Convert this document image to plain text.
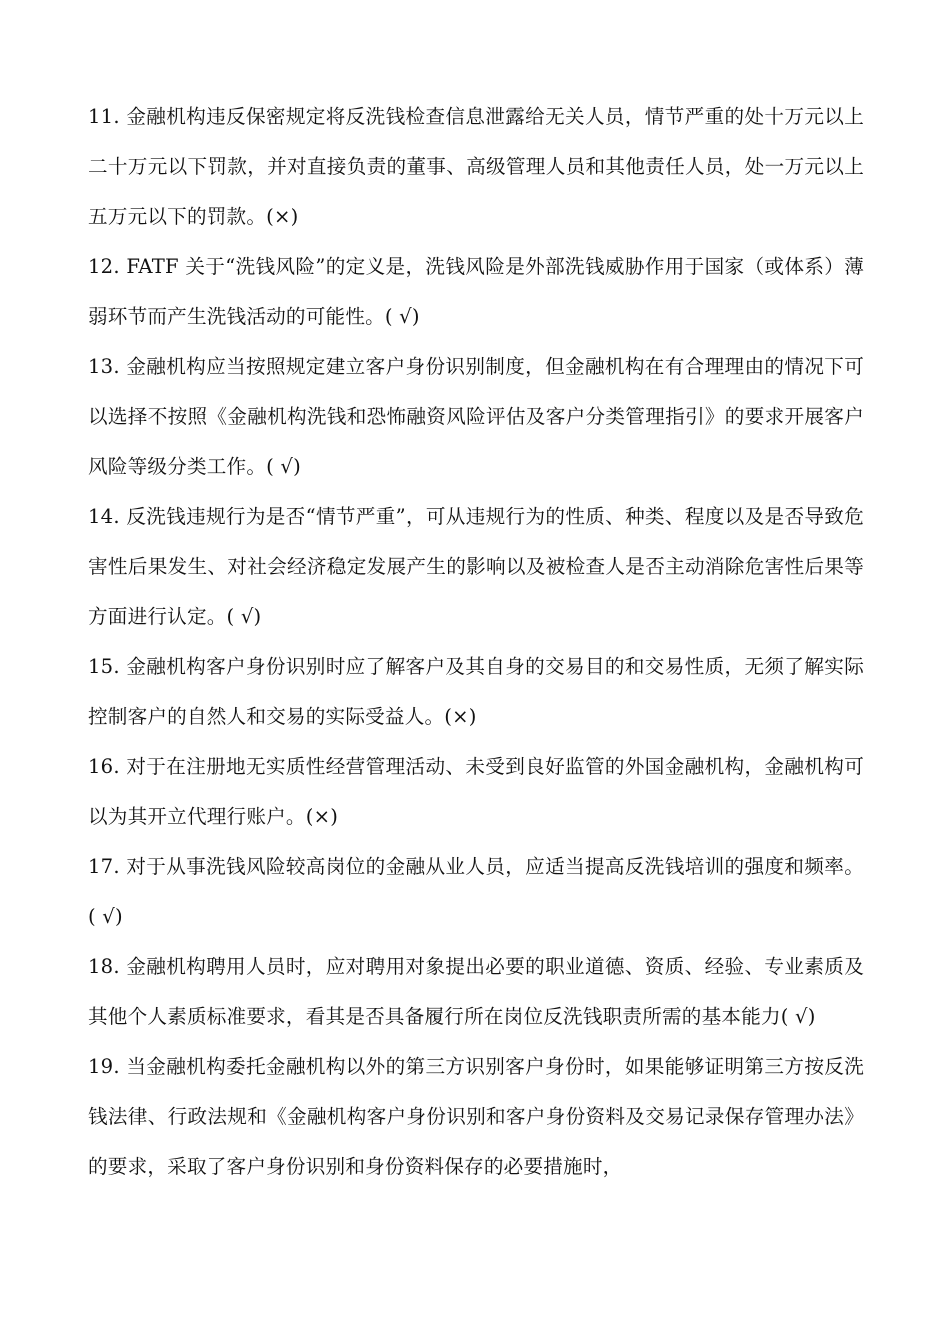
11. 金融机构违反保密规定将反洗钱检查信息泄露给无关人员，情节严重的处十万元以上二十万元以下罚款，并对直接负责的董事、高级管理人员和其他责任人员，处一万元以上五万元以下的罚款。(×)

12. FATF 关于“洗钱风险”的定义是，洗钱风险是外部洗钱威胁作用于国家（或体系）薄弱环节而产生洗钱活动的可能性。( √)

13. 金融机构应当按照规定建立客户身份识别制度，但金融机构在有合理理由的情况下可以选择不按照《金融机构洗钱和恐怖融资风险评估及客户分类管理指引》的要求开展客户风险等级分类工作。( √)

14. 反洗钱违规行为是否“情节严重”，可从违规行为的性质、种类、程度以及是否导致危害性后果发生、对社会经济稳定发展产生的影响以及被检查人是否主动消除危害性后果等方面进行认定。( √)

15. 金融机构客户身份识别时应了解客户及其自身的交易目的和交易性质，无须了解实际控制客户的自然人和交易的实际受益人。(×)

16. 对于在注册地无实质性经营管理活动、未受到良好监管的外国金融机构，金融机构可以为其开立代理行账户。(×)

17. 对于从事洗钱风险较高岗位的金融从业人员，应适当提高反洗钱培训的强度和频率。( √)

18. 金融机构聘用人员时，应对聘用对象提出必要的职业道德、资质、经验、专业素质及其他个人素质标准要求，看其是否具备履行所在岗位反洗钱职责所需的基本能力( √)

19. 当金融机构委托金融机构以外的第三方识别客户身份时，如果能够证明第三方按反洗钱法律、行政法规和《金融机构客户身份识别和客户身份资料及交易记录保存管理办法》的要求，采取了客户身份识别和身份资料保存的必要措施时，
